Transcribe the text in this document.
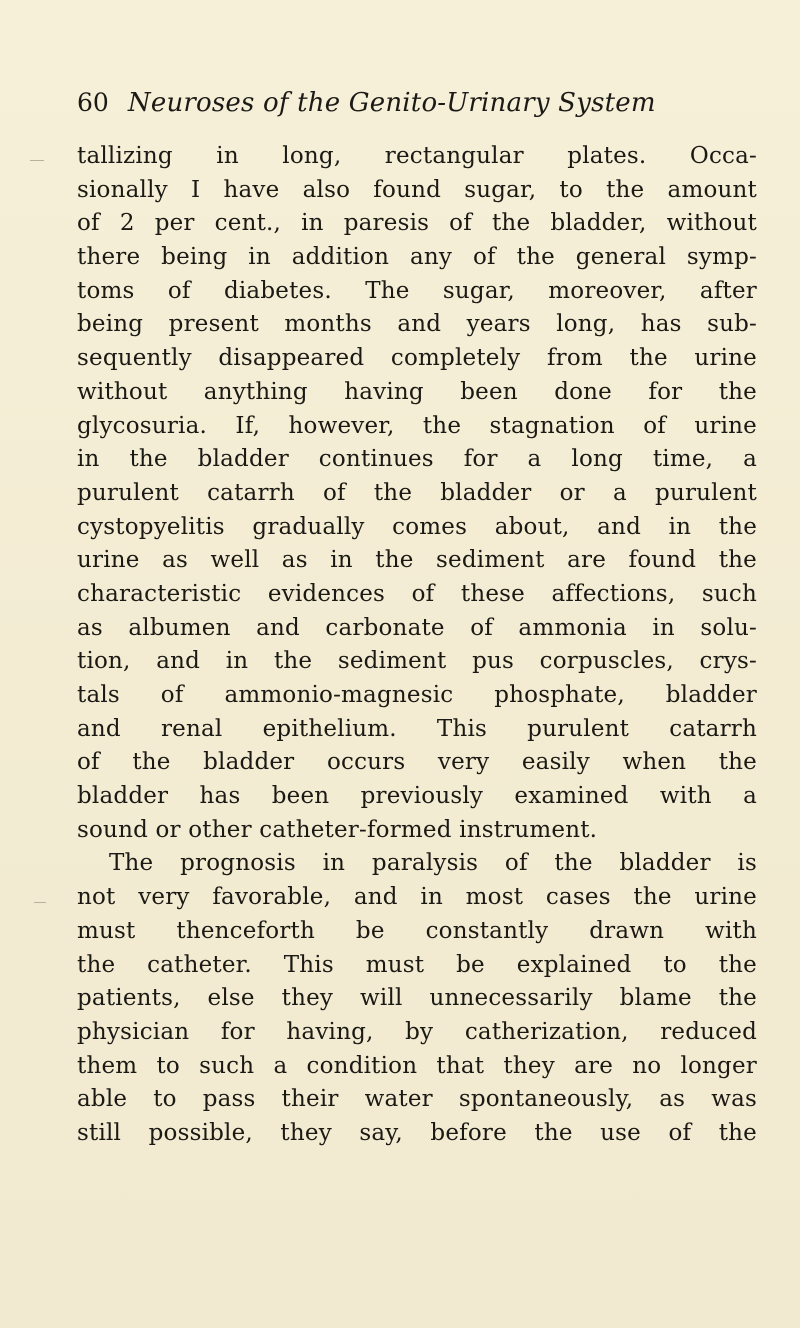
60 Neuroses of the Genito-Urinary System
tallizing in long, rectangular plates. Occa-
sionally I have also found sugar, to the amount
of 2 per cent., in paresis of the bladder, without
there being in addition any of the general symp-
toms of diabetes. The sugar, moreover, after
being present months and years long, has sub-
sequently disappeared completely from the urine
without anything having been done for the
glycosuria. If, however, the stagnation of urine
in the bladder continues for a long time, a
purulent catarrh of the bladder or a purulent
cystopyelitis gradually comes about, and in the
urine as well as in the sediment are found the
characteristic evidences of these affections, such
as albumen and carbonate of ammonia in solu-
tion, and in the sediment pus corpuscles, crys-
tals of ammonio-magnesic phosphate, bladder
and renal epithelium. This purulent catarrh
of the bladder occurs very easily when the
bladder has been previously examined with a
sound or other catheter-formed instrument.
The prognosis in paralysis of the bladder is
not very favorable, and in most cases the urine
must thenceforth be constantly drawn with
the catheter. This must be explained to the
patients, else they will unnecessarily blame the
physician for having, by catherization, reduced
them to such a condition that they are no longer
able to pass their water spontaneously, as was
still possible, they say, before the use of the
